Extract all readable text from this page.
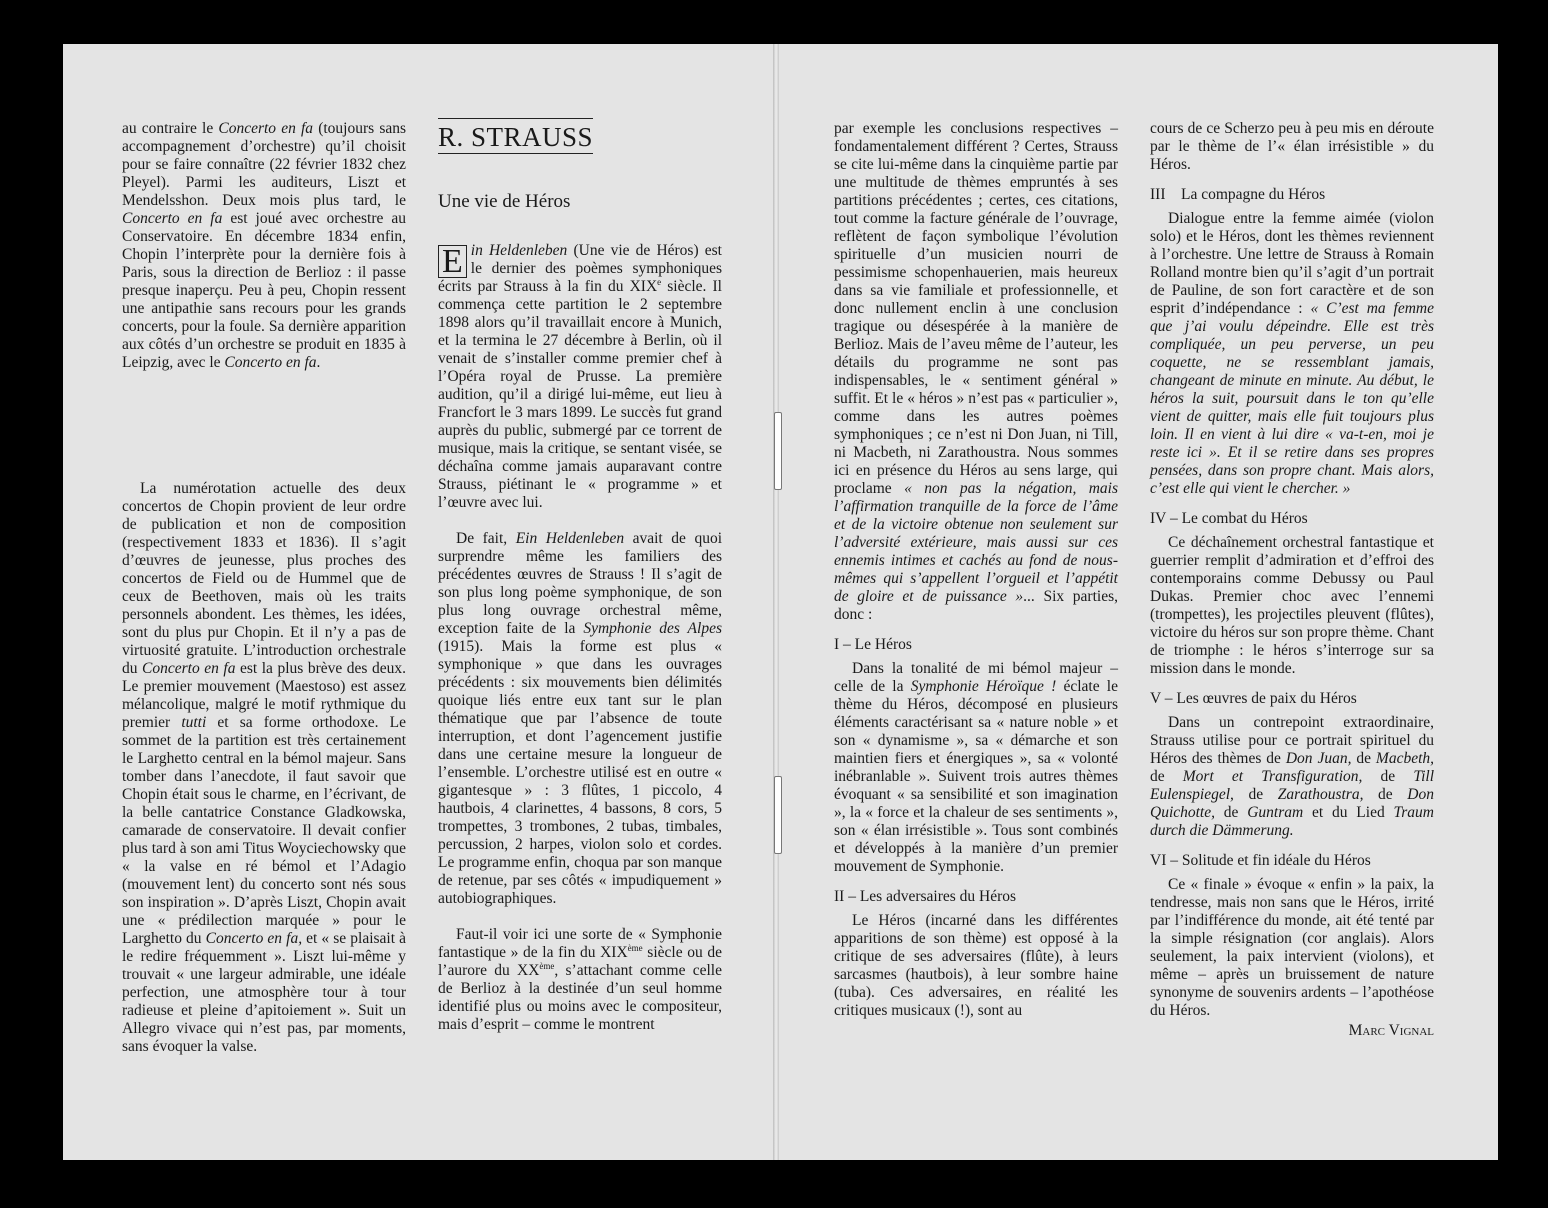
au contraire le Concerto en fa (toujours sans accompagnement d’orchestre) qu’il choisit pour se faire connaître (22 février 1832 chez Pleyel). Parmi les auditeurs, Liszt et Mendelsshon. Deux mois plus tard, le Concerto en fa est joué avec orchestre au Conservatoire. En décembre 1834 enfin, Chopin l’interprète pour la dernière fois à Paris, sous la direction de Berlioz : il passe presque inaperçu. Peu à peu, Chopin ressent une antipathie sans recours pour les grands concerts, pour la foule. Sa dernière apparition aux côtés d’un orchestre se produit en 1835 à Leipzig, avec le Concerto en fa.

La numérotation actuelle des deux concertos de Chopin provient de leur ordre de publication et non de composition (respectivement 1833 et 1836). Il s’agit d’œuvres de jeunesse, plus proches des concertos de Field ou de Hummel que de ceux de Beethoven, mais où les traits personnels abondent. Les thèmes, les idées, sont du plus pur Chopin. Et il n’y a pas de virtuosité gratuite. L’introduction orchestrale du Concerto en fa est la plus brève des deux. Le premier mouvement (Maestoso) est assez mélancolique, malgré le motif rythmique du premier tutti et sa forme orthodoxe. Le sommet de la partition est très certainement le Larghetto central en la bémol majeur. Sans tomber dans l’anecdote, il faut savoir que Chopin était sous le charme, en l’écrivant, de la belle cantatrice Constance Gladkowska, camarade de conservatoire. Il devait confier plus tard à son ami Titus Woyciechowsky que « la valse en ré bémol et l’Adagio (mouvement lent) du concerto sont nés sous son inspiration ». D’après Liszt, Chopin avait une « prédilection marquée » pour le Larghetto du Concerto en fa, et « se plaisait à le redire fréquemment ». Liszt lui-même y trouvait « une largeur admirable, une idéale perfection, une atmosphère tour à tour radieuse et pleine d’apitoiement ». Suit un Allegro vivace qui n’est pas, par moments, sans évoquer la valse.

R. STRAUSS
Une vie de Héros

E in Heldenleben (Une vie de Héros) est le dernier des poèmes symphoniques écrits par Strauss à la fin du XIXe siècle. Il commença cette partition le 2 septembre 1898 alors qu’il travaillait encore à Munich, et la termina le 27 décembre à Berlin, où il venait de s’installer comme premier chef à l’Opéra royal de Prusse. La première audition, qu’il a dirigé lui-même, eut lieu à Francfort le 3 mars 1899. Le succès fut grand auprès du public, submergé par ce torrent de musique, mais la critique, se sentant visée, se déchaîna comme jamais auparavant contre Strauss, piétinant le « programme » et l’œuvre avec lui.

De fait, Ein Heldenleben avait de quoi surprendre même les familiers des précédentes œuvres de Strauss ! Il s’agit de son plus long poème symphonique, de son plus long ouvrage orchestral même, exception faite de la Symphonie des Alpes (1915). Mais la forme est plus « symphonique » que dans les ouvrages précédents : six mouvements bien délimités quoique liés entre eux tant sur le plan thématique que par l’absence de toute interruption, et dont l’agencement justifie dans une certaine mesure la longueur de l’ensemble. L’orchestre utilisé est en outre « gigantesque » : 3 flûtes, 1 piccolo, 4 hautbois, 4 clarinettes, 4 bassons, 8 cors, 5 trompettes, 3 trombones, 2 tubas, timbales, percussion, 2 harpes, violon solo et cordes. Le programme enfin, choqua par son manque de retenue, par ses côtés « impudiquement » autobiographiques.

Faut-il voir ici une sorte de « Symphonie fantastique » de la fin du XIXème siècle ou de l’aurore du XXème, s’attachant comme celle de Berlioz à la destinée d’un seul homme identifié plus ou moins avec le compositeur, mais d’esprit – comme le montrent

par exemple les conclusions respectives – fondamentalement différent ? Certes, Strauss se cite lui-même dans la cinquième partie par une multitude de thèmes empruntés à ses partitions précédentes ; certes, ces citations, tout comme la facture générale de l’ouvrage, reflètent de façon symbolique l’évolution spirituelle d’un musicien nourri de pessimisme schopenhauerien, mais heureux dans sa vie familiale et professionnelle, et donc nullement enclin à une conclusion tragique ou désespérée à la manière de Berlioz. Mais de l’aveu même de l’auteur, les détails du programme ne sont pas indispensables, le « sentiment général » suffit. Et le « héros » n’est pas « particulier », comme dans les autres poèmes symphoniques ; ce n’est ni Don Juan, ni Till, ni Macbeth, ni Zarathoustra. Nous sommes ici en présence du Héros au sens large, qui proclame « non pas la négation, mais l’affirmation tranquille de la force de l’âme et de la victoire obtenue non seulement sur l’adversité extérieure, mais aussi sur ces ennemis intimes et cachés au fond de nous-mêmes qui s’appellent l’orgueil et l’appétit de gloire et de puissance »... Six parties, donc :

I – Le Héros

Dans la tonalité de mi bémol majeur – celle de la Symphonie Héroïque ! éclate le thème du Héros, décomposé en plusieurs éléments caractérisant sa « nature noble » et son « dynamisme », sa « démarche et son maintien fiers et énergiques », sa « volonté inébranlable ». Suivent trois autres thèmes évoquant « sa sensibilité et son imagination », la « force et la chaleur de ses sentiments », son « élan irrésistible ». Tous sont combinés et développés à la manière d’un premier mouvement de Symphonie.

II – Les adversaires du Héros

Le Héros (incarné dans les différentes apparitions de son thème) est opposé à la critique de ses adversaires (flûte), à leurs sarcasmes (hautbois), à leur sombre haine (tuba). Ces adversaires, en réalité les critiques musicaux (!), sont au

cours de ce Scherzo peu à peu mis en déroute par le thème de l’« élan irrésistible » du Héros.

III    La compagne du Héros

Dialogue entre la femme aimée (violon solo) et le Héros, dont les thèmes reviennent à l’orchestre. Une lettre de Strauss à Romain Rolland montre bien qu’il s’agit d’un portrait de Pauline, de son fort caractère et de son esprit d’indépendance : « C’est ma femme que j’ai voulu dépeindre. Elle est très compliquée, un peu perverse, un peu coquette, ne se ressemblant jamais, changeant de minute en minute. Au début, le héros la suit, poursuit dans le ton qu’elle vient de quitter, mais elle fuit toujours plus loin. Il en vient à lui dire « va-t-en, moi je reste ici ». Et il se retire dans ses propres pensées, dans son propre chant. Mais alors, c’est elle qui vient le chercher. »

IV – Le combat du Héros

Ce déchaînement orchestral fantastique et guerrier remplit d’admiration et d’effroi des contemporains comme Debussy ou Paul Dukas. Premier choc avec l’ennemi (trompettes), les projectiles pleuvent (flûtes), victoire du héros sur son propre thème. Chant de triomphe : le héros s’interroge sur sa mission dans le monde.

V – Les œuvres de paix du Héros

Dans un contrepoint extraordinaire, Strauss utilise pour ce portrait spirituel du Héros des thèmes de Don Juan, de Macbeth, de Mort et Transfiguration, de Till Eulenspiegel, de Zarathoustra, de Don Quichotte, de Guntram et du Lied Traum durch die Dämmerung.

VI – Solitude et fin idéale du Héros

Ce « finale » évoque « enfin » la paix, la tendresse, mais non sans que le Héros, irrité par l’indifférence du monde, ait été tenté par la simple résignation (cor anglais). Alors seulement, la paix intervient (violons), et même – après un bruissement de nature synonyme de souvenirs ardents – l’apothéose du Héros.

Marc Vignal
